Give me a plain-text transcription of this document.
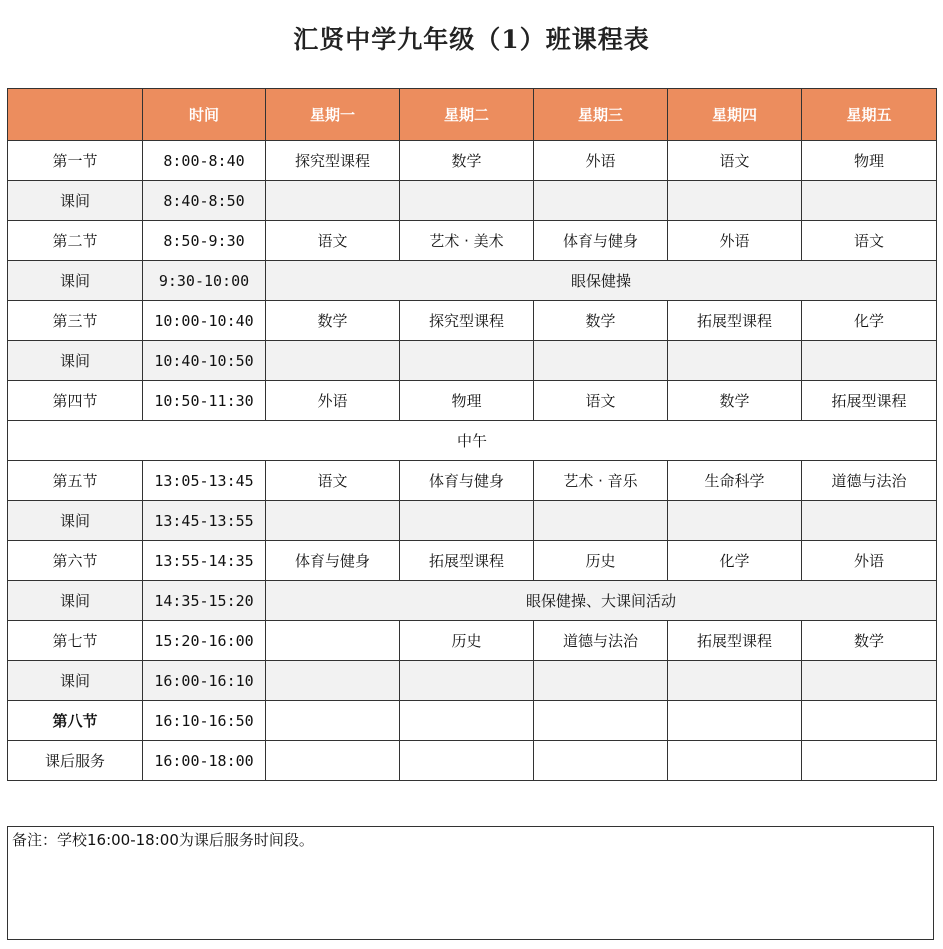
汇贤中学九年级（1）班课程表
	时间	星期一	星期二	星期三	星期四	星期五
第一节	8:00-8:40	探究型课程	数学	外语	语文	物理
课间	8:40-8:50					
第二节	8:50-9:30	语文	艺术 · 美术	体育与健身	外语	语文
课间	9:30-10:00	眼保健操				
第三节	10:00-10:40	数学	探究型课程	数学	拓展型课程	化学
课间	10:40-10:50					
第四节	10:50-11:30	外语	物理	语文	数学	拓展型课程
中午						
第五节	13:05-13:45	语文	体育与健身	艺术 · 音乐	生命科学	道德与法治
课间	13:45-13:55					
第六节	13:55-14:35	体育与健身	拓展型课程	历史	化学	外语
课间	14:35-15:20	眼保健操、大课间活动				
第七节	15:20-16:00		历史	道德与法治	拓展型课程	数学
课间	16:00-16:10					
第八节	16:10-16:50					
课后服务	16:00-18:00					
备注：学校16:00-18:00为课后服务时间段。
